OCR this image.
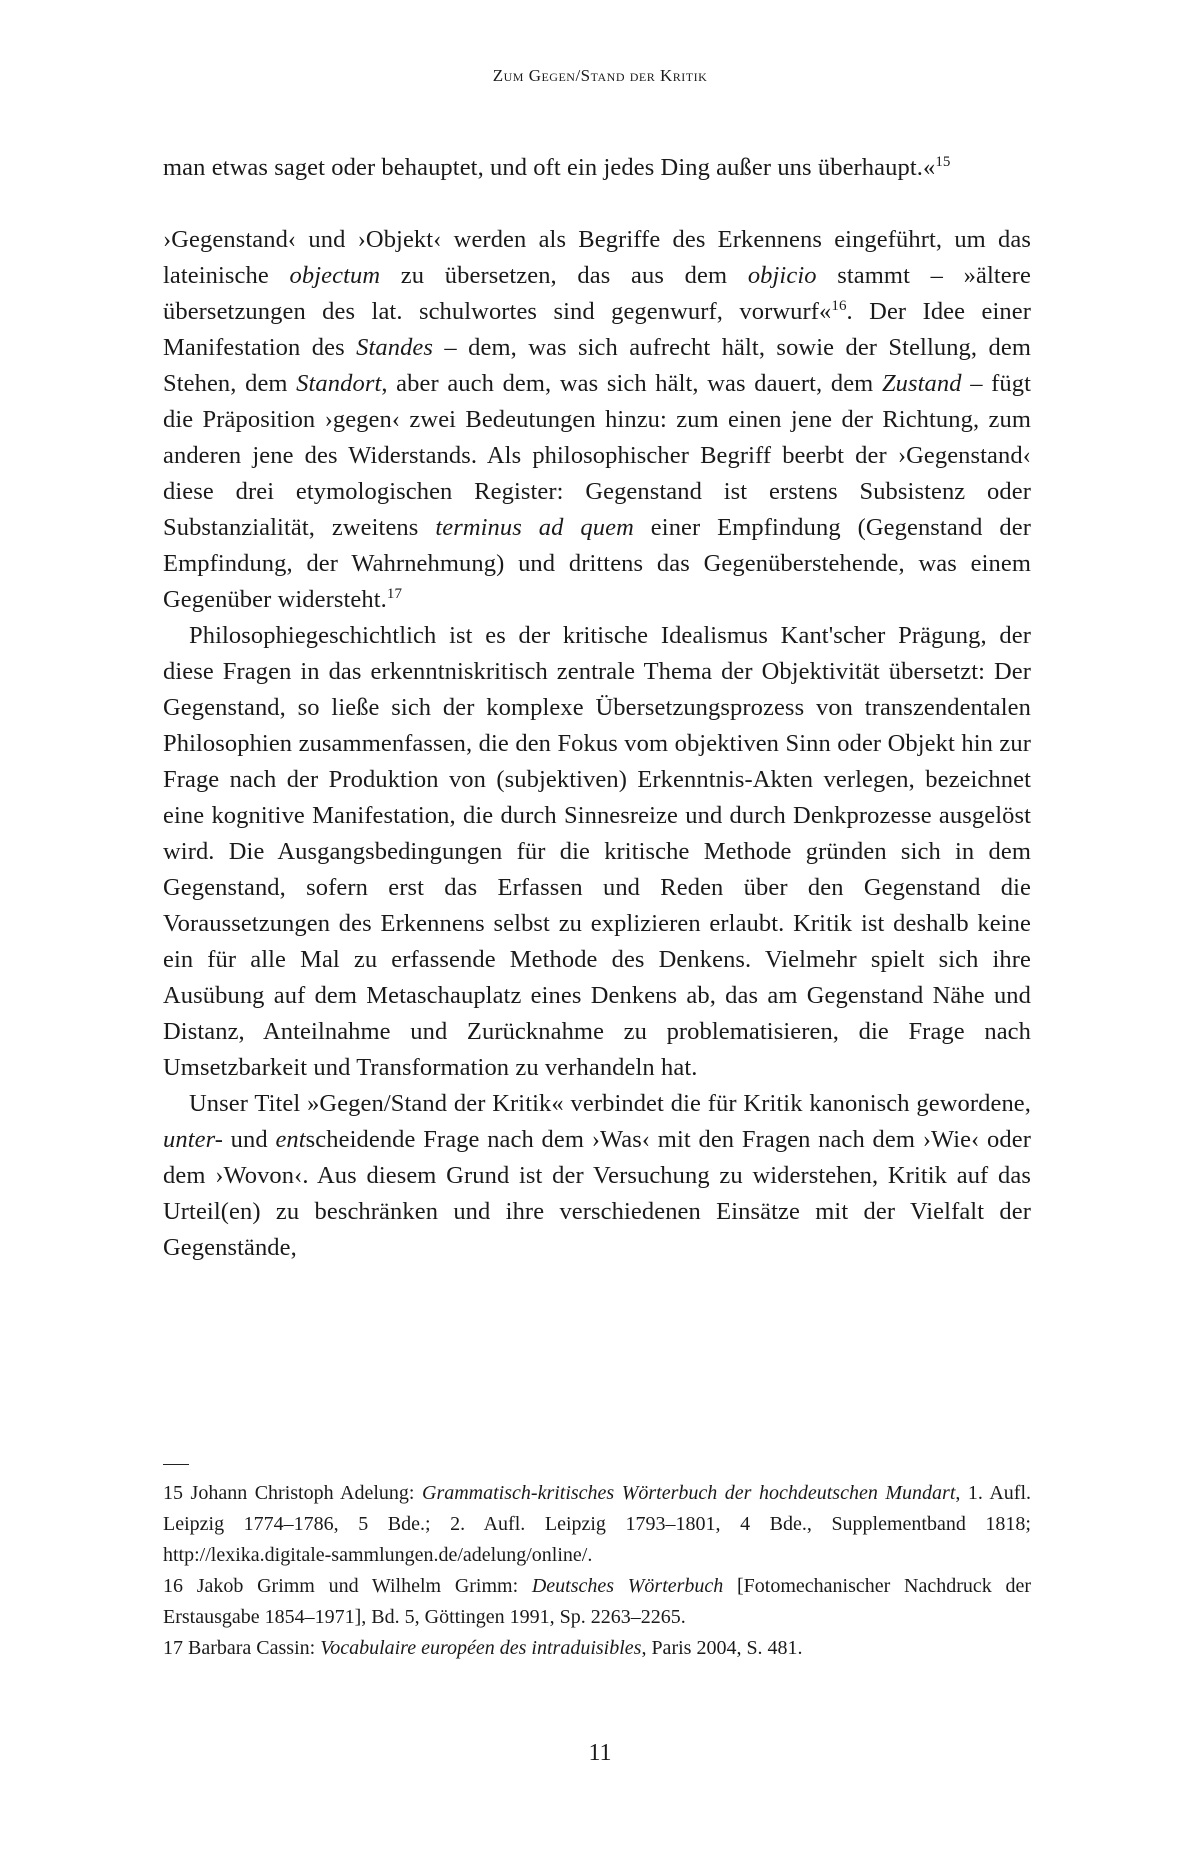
Zum Gegen/Stand der Kritik

man etwas saget oder behauptet, und oft ein jedes Ding außer uns überhaupt.«$^{15}$

›Gegenstand‹ und ›Objekt‹ werden als Begriffe des Erkennens eingeführt, um das lateinische objectum zu übersetzen, das aus dem objicio stammt – »ältere übersetzungen des lat. schulwortes sind gegenwurf, vorwurf«$^{16}$. Der Idee einer Manifestation des Standes – dem, was sich aufrecht hält, sowie der Stellung, dem Stehen, dem Standort, aber auch dem, was sich hält, was dauert, dem Zustand – fügt die Präposition ›gegen‹ zwei Bedeutungen hinzu: zum einen jene der Richtung, zum anderen jene des Widerstands. Als philosophischer Begriff beerbt der ›Gegenstand‹ diese drei etymologischen Register: Gegenstand ist erstens Subsistenz oder Substanzialität, zweitens terminus ad quem einer Empfindung (Gegenstand der Empfindung, der Wahrnehmung) und drittens das Gegenüberstehende, was einem Gegenüber widersteht.$^{17}$

Philosophiegeschichtlich ist es der kritische Idealismus Kant'scher Prägung, der diese Fragen in das erkenntniskritisch zentrale Thema der Objektivität übersetzt: Der Gegenstand, so ließe sich der komplexe Übersetzungsprozess von transzendentalen Philosophien zusammenfassen, die den Fokus vom objektiven Sinn oder Objekt hin zur Frage nach der Produktion von (subjektiven) Erkenntnis-Akten verlegen, bezeichnet eine kognitive Manifestation, die durch Sinnesreize und durch Denkprozesse ausgelöst wird. Die Ausgangsbedingungen für die kritische Methode gründen sich in dem Gegenstand, sofern erst das Erfassen und Reden über den Gegenstand die Voraussetzungen des Erkennens selbst zu explizieren erlaubt. Kritik ist deshalb keine ein für alle Mal zu erfassende Methode des Denkens. Vielmehr spielt sich ihre Ausübung auf dem Metaschauplatz eines Denkens ab, das am Gegenstand Nähe und Distanz, Anteilnahme und Zurücknahme zu problematisieren, die Frage nach Umsetzbarkeit und Transformation zu verhandeln hat.

Unser Titel »Gegen/Stand der Kritik« verbindet die für Kritik kanonisch gewordene, unter- und entscheidende Frage nach dem ›Was‹ mit den Fragen nach dem ›Wie‹ oder dem ›Wovon‹. Aus diesem Grund ist der Versuchung zu widerstehen, Kritik auf das Urteil(en) zu beschränken und ihre verschiedenen Einsätze mit der Vielfalt der Gegenstände,

15 Johann Christoph Adelung: Grammatisch-kritisches Wörterbuch der hochdeutschen Mundart, 1. Aufl. Leipzig 1774–1786, 5 Bde.; 2. Aufl. Leipzig 1793–1801, 4 Bde., Supplementband 1818; http://lexika.digitale-sammlungen.de/adelung/online/.

16 Jakob Grimm und Wilhelm Grimm: Deutsches Wörterbuch [Fotomechanischer Nachdruck der Erstausgabe 1854–1971], Bd. 5, Göttingen 1991, Sp. 2263–2265.

17 Barbara Cassin: Vocabulaire européen des intraduisibles, Paris 2004, S. 481.

11
